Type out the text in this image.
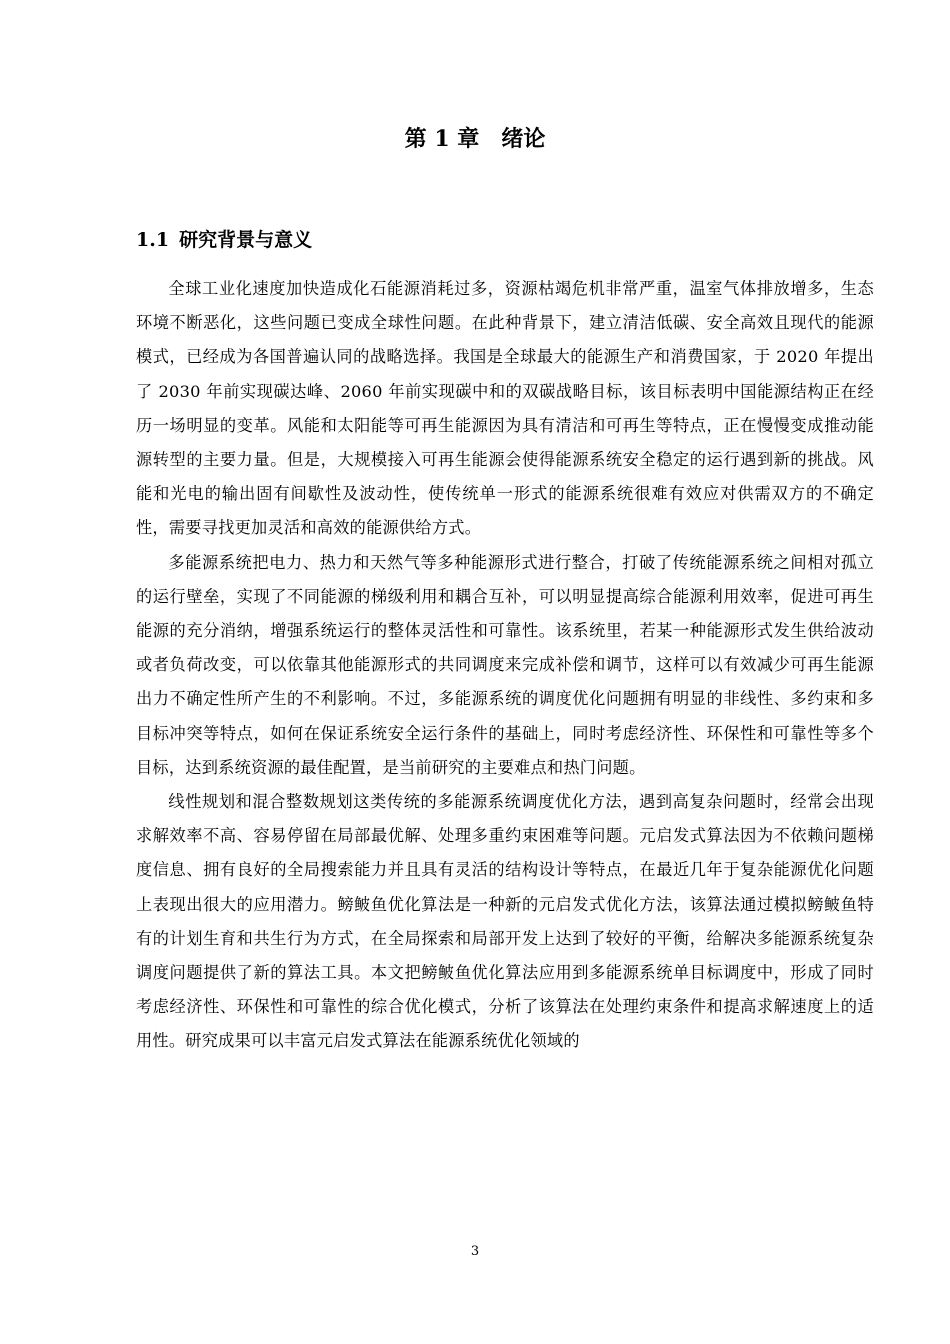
第 1 章 绪论
1.1 研究背景与意义

全球工业化速度加快造成化石能源消耗过多，资源枯竭危机非常严重，温室气体排放增多，生态环境不断恶化，这些问题已变成全球性问题。在此种背景下，建立清洁低碳、安全高效且现代的能源模式，已经成为各国普遍认同的战略选择。我国是全球最大的能源生产和消费国家，于 2020 年提出了 2030 年前实现碳达峰、2060 年前实现碳中和的双碳战略目标，该目标表明中国能源结构正在经历一场明显的变革。风能和太阳能等可再生能源因为具有清洁和可再生等特点，正在慢慢变成推动能源转型的主要力量。但是，大规模接入可再生能源会使得能源系统安全稳定的运行遇到新的挑战。风能和光电的输出固有间歇性及波动性，使传统单一形式的能源系统很难有效应对供需双方的不确定性，需要寻找更加灵活和高效的能源供给方式。

多能源系统把电力、热力和天然气等多种能源形式进行整合，打破了传统能源系统之间相对孤立的运行壁垒，实现了不同能源的梯级利用和耦合互补，可以明显提高综合能源利用效率，促进可再生能源的充分消纳，增强系统运行的整体灵活性和可靠性。该系统里，若某一种能源形式发生供给波动或者负荷改变，可以依靠其他能源形式的共同调度来完成补偿和调节，这样可以有效减少可再生能源出力不确定性所产生的不利影响。不过，多能源系统的调度优化问题拥有明显的非线性、多约束和多目标冲突等特点，如何在保证系统安全运行条件的基础上，同时考虑经济性、环保性和可靠性等多个目标，达到系统资源的最佳配置，是当前研究的主要难点和热门问题。

线性规划和混合整数规划这类传统的多能源系统调度优化方法，遇到高复杂问题时，经常会出现求解效率不高、容易停留在局部最优解、处理多重约束困难等问题。元启发式算法因为不依赖问题梯度信息、拥有良好的全局搜索能力并且具有灵活的结构设计等特点，在最近几年于复杂能源优化问题上表现出很大的应用潜力。鳑鲏鱼优化算法是一种新的元启发式优化方法，该算法通过模拟鳑鲏鱼特有的计划生育和共生行为方式，在全局探索和局部开发上达到了较好的平衡，给解决多能源系统复杂调度问题提供了新的算法工具。本文把鳑鲏鱼优化算法应用到多能源系统单目标调度中，形成了同时考虑经济性、环保性和可靠性的综合优化模式，分析了该算法在处理约束条件和提高求解速度上的适用性。研究成果可以丰富元启发式算法在能源系统优化领域的

3
